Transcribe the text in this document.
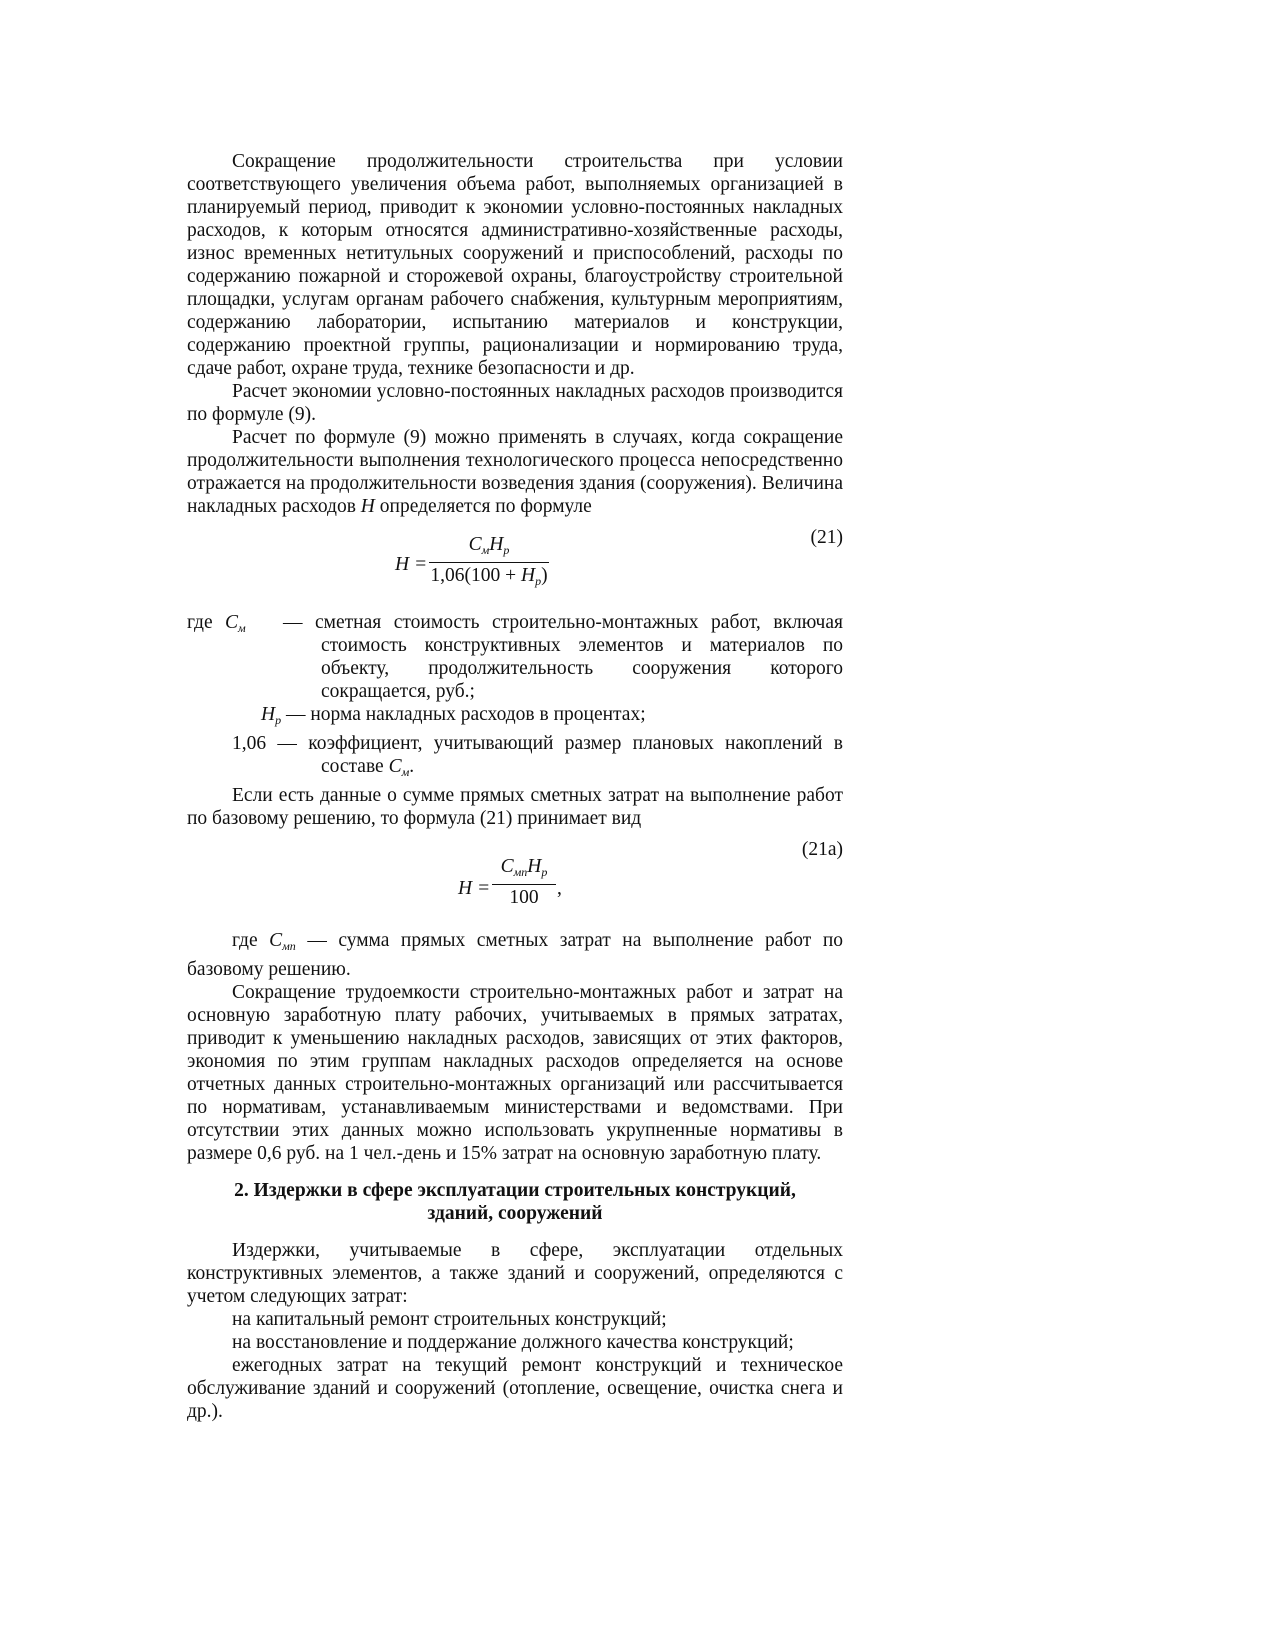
Сокращение продолжительности строительства при условии соответствующего увеличения объема работ, выполняемых организацией в планируемый период, приводит к экономии условно-постоянных накладных расходов, к которым относятся административно-хозяйственные расходы, износ временных нетитульных сооружений и приспособлений, расходы по содержанию пожарной и сторожевой охраны, благоустройству строительной площадки, услугам органам рабочего снабжения, культурным мероприятиям, содержанию лаборатории, испытанию материалов и конструкции, содержанию проектной группы, рационализации и нормированию труда, сдаче работ, охране труда, технике безопасности и др.

Расчет экономии условно-постоянных накладных расходов производится по формуле (9).

Расчет по формуле (9) можно применять в случаях, когда сокращение продолжительности выполнения технологического процесса непосредственно отражается на продолжительности возведения здания (сооружения). Величина накладных расходов Н определяется по формуле

(21)
H =
$C_мH_p$
$1,06(100 + H_p)$
где $С_м$ — сметная стоимость строительно-монтажных работ, включая
стоимость конструктивных элементов и материалов по объекту, продолжительность сооружения которого сокращается, руб.;
$Н_р$ — норма накладных расходов в процентах;
1,06 — коэффициент, учитывающий размер плановых накоплений в
составе $С_м$.

Если есть данные о сумме прямых сметных затрат на выполнение работ по базовому решению, то формула (21) принимает вид

(21а)
H =
$C_{мп}H_p$
100 ,

где $С_{мп}$ — сумма прямых сметных затрат на выполнение работ по базовому решению.

Сокращение трудоемкости строительно-монтажных работ и затрат на основную заработную плату рабочих, учитываемых в прямых затратах, приводит к уменьшению накладных расходов, зависящих от этих факторов, экономия по этим группам накладных расходов определяется на основе отчетных данных строительно-монтажных организаций или рассчитывается по нормативам, устанавливаемым министерствами и ведомствами. При отсутствии этих данных можно использовать укрупненные нормативы в размере 0,6 руб. на 1 чел.-день и 15% затрат на основную заработную плату.

2. Издержки в сфере эксплуатации строительных конструкций,
зданий, сооружений

Издержки, учитываемые в сфере, эксплуатации отдельных конструктивных элементов, а также зданий и сооружений, определяются с учетом следующих затрат:

на капитальный ремонт строительных конструкций;

на восстановление и поддержание должного качества конструкций;

ежегодных затрат на текущий ремонт конструкций и техническое обслуживание зданий и сооружений (отопление, освещение, очистка снега и др.).
